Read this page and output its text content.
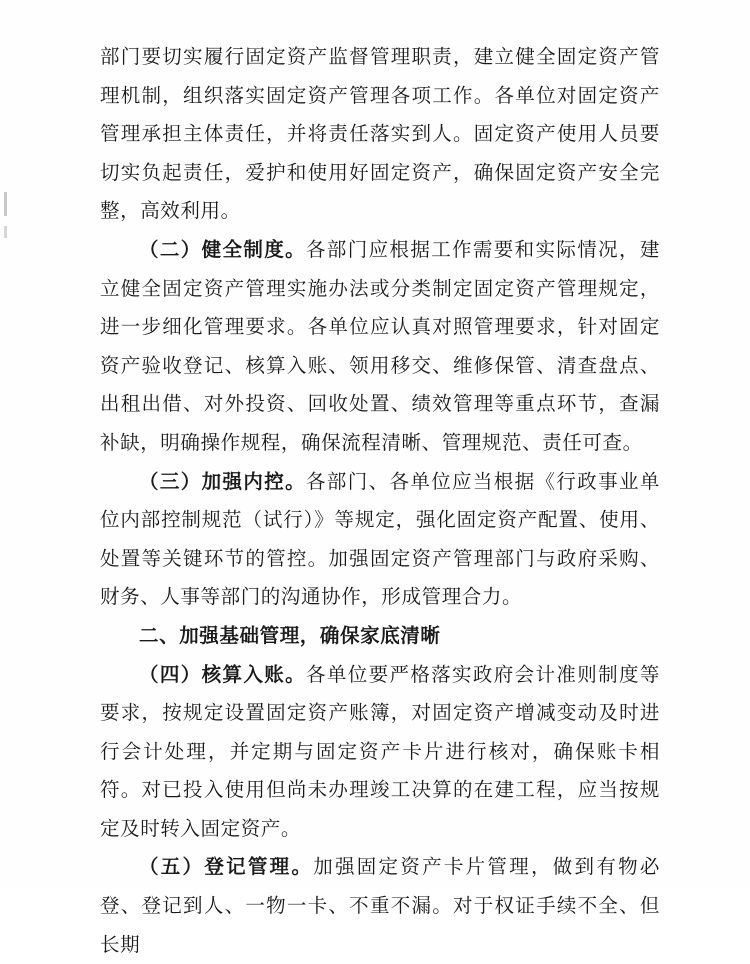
部门要切实履行固定资产监督管理职责，建立健全固定资产管理机制，组织落实固定资产管理各项工作。各单位对固定资产管理承担主体责任，并将责任落实到人。固定资产使用人员要切实负起责任，爱护和使用好固定资产，确保固定资产安全完整，高效利用。

（二）健全制度。各部门应根据工作需要和实际情况，建立健全固定资产管理实施办法或分类制定固定资产管理规定，进一步细化管理要求。各单位应认真对照管理要求，针对固定资产验收登记、核算入账、领用移交、维修保管、清查盘点、出租出借、对外投资、回收处置、绩效管理等重点环节，查漏补缺，明确操作规程，确保流程清晰、管理规范、责任可查。

（三）加强内控。各部门、各单位应当根据《行政事业单位内部控制规范（试行）》等规定，强化固定资产配置、使用、处置等关键环节的管控。加强固定资产管理部门与政府采购、财务、人事等部门的沟通协作，形成管理合力。

二、加强基础管理，确保家底清晰

（四）核算入账。各单位要严格落实政府会计准则制度等要求，按规定设置固定资产账簿，对固定资产增减变动及时进行会计处理，并定期与固定资产卡片进行核对，确保账卡相符。对已投入使用但尚未办理竣工决算的在建工程，应当按规定及时转入固定资产。

（五）登记管理。加强固定资产卡片管理，做到有物必登、登记到人、一物一卡、不重不漏。对于权证手续不全、但长期
